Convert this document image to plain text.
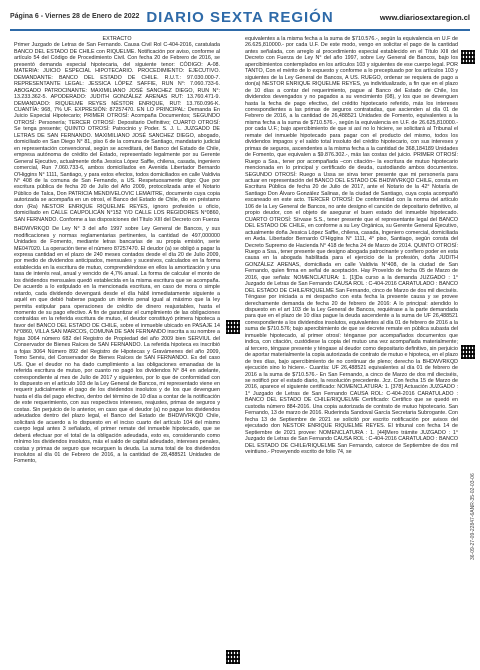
Página 6 - Viernes 28 de Enero de 2022 DIARIO SEXTA REGIÓN	www.diariosextaregion.cl

EXTRACTO

Primer Juzgado de Letras de San Fernando. Causa Civil Rol C-404-2016, caratulada BANCO DEL ESTADO DE CHILE con RIQUELME. Notificación por aviso, conforme al artículo 54 del Código de Procedimiento Civil. Con fecha 20 de Febrero de 2016, se presentó demanda especial hipotecaria, del siguiente tenor: CÓDIGO: A-08. MATERIA: JUICIO ESPECIAL HIPOTECARIO. PROCEDIMIENTO: EJECUTIVO. DEMANDANTE: BANCO DEL ESTADO DE CHILE. R.U.T.: 97.030.000-7. REPRESENTANTE LEGAL: JESSICA LÓPEZ SAFFIE, RUN N°: 7.060.733-6. ABOGADO PATROCINANTE: MAXIMILIANO JOSÉ SANCHEZ DIEGO, RUN N°: 13.233.362-5. APODERADO: JUDITH GONZÁLEZ ARENAS RUT: 13.760.471-9. DEMANDADO: RIQUELME REYES NÉSTOR ENRIQUE, RUT: 13.760.096-K. CUANTÍA: 968, 7% UF. EXPRESIÓN: 87257470. EN LO PRINCIPAL: Demanda En Juicio Especial Hipotecario; PRIMER OTROSÍ: Acompaña Documentos; SEGUNDO OTROSÍ: Personería; TERCER OTROSÍ: Depositario Definitivo; CUARTO OTROSÍ: Se tenga presente; QUINTO OTROSÍ: Patrocinio y Poder. S. J. L. JUZGADO DE LETRAS DE SAN FERNANDO. MAXIMILIANO JOSÉ SANCHEZ DIEGO, abogado, domiciliado en San Diego N° 81, piso 6 de la comuna de Santiago, mandatario judicial en representación convencional, según se acreditará, del Banco del Estado de Chile, empresa autónoma de crédito del Estado, representado legalmente por su Gerente General Ejecutivo, actualmente doña Jessica López Saffie, chilena, casada, ingeniero comercial, Run 7.060.733-6, ambos domiciliados en Avenida Libertador Bernardo O'Higgins N° 1111, Santiago, y para estos efectos, todos domiciliados en calle Valdivia N° 408 de la comuna de San Fernando, a US. Respetuosamente digo: Que por escritura pública de fecha 20 de Julio del Año 2009, protocolizada ante el Notario Público de Talca, Don PATRICIA MENDIVELOVIC LEMAITRE, documento cuya copia autorizada se acompaña en un otrosí, el Banco del Estado de Chile, dio en préstamo don (Ra) NESTOR ENRIQUE RIQUELME REYES, ignoro profesión u oficio, domiciliado en CALLE CAUPOLICÁN N°152 Y/O CALLE LOS REGIDORES N°0860, SAN FERNANDO. Conforme a las disposiciones del Título XIII del Decreto con Fuerza

BHDWVRKQD De Ley N° 3 del año 1997 sobre Ley General de Bancos, y sus modificaciones y normas reglamentarias pertinentes, la cantidad de 497,000000 Unidades de Fomento, mediante letras bancarias de su propia emisión, serie ME047020. La operación tiene el número 87257470. El deudor (a) se obligó a pagar la expresa cantidad en el plazo de 240 meses contados desde el día 20 de Julio 2009, por medio de dividendos anticipados, mensuales y sucesivos, calculados en la forma establecida en la escritura de mutuo, comprendiéndose en ellos la amortización y una tasa de interés real, anual y vencido de 4,7% anual. La forma de calcular el monto de los dividendos mensuales quedó establecida en la misma escritura que se acompaña. De acuerdo a lo estipulado en la mencionada escritura, en caso de mora o simple retardo, cada dividendo devengará desde el día hábil inmediatamente siguiente a aquél en que debió haberse pagado un interés penal igual al máximo que la ley permita estipular para operaciones de crédito de dinero reajustables, hasta el momento de su pago efectivo. A fin de garantizar el cumplimiento de las obligaciones contraídas en la referida escritura de mutuo, el deudor constituyó primera hipoteca a favor del BANCO DEL ESTADO DE CHILE, sobre el inmueble ubicado en PASAJE 14 N°0860, VILLA SAN MARCOS, COMUNA DE SAN FERNANDO inscrita a su nombre a fojas 3064 número 682 del Registro de Propiedad del año 2009 bien SERVIUL del Conservador de Bienes Raíces de SAN FERNANDO. La referida hipoteca es inscribió a fojas 3064 Número 892 del Registro de Hipotecas y Gravámenes del año 2009, Tomo Serviu, del Conservador de Bienes Raíces de SAN FERNANDO. Es del caso US. Que el deudor no ha dado cumplimiento a las obligaciones emanadas de la referida escritura de mutuo, por cuanto no pagó los dividendos N° 84 en adelante, correspondiente al mes de Julio de 2017 y siguientes, por lo que de conformidad con lo dispuesto en el artículo 103 de la Ley General de Bancos, mi representado viene en requerir judicialmente el pago de los dividendos insolutos y de los que devenguen hasta el día del pago efectivo, dentro del término de 10 días a contar de la notificación de este requerimiento, con sus respectivos intereses, reajustes, primas de seguros y costas. Sin perjuicio de lo anterior, en caso que el deudor (a) no pague los dividendos adeudados dentro del plazo legal, el Banco del Estado de BHDWVRKQD Chile, solicitará de acuerdo a lo dispuesto en el inciso cuarto del artículo 104 del mismo cuerpo legal antes 3 señalado, el primer remate del inmueble hipotecado, que se deberá efectuar por el total de la obligación adeudada, esto es, considerando como mínimo los dividendos insolutos, más el saldo de capital adeudado, intereses penales, costas y primas de seguro que recarguen la deuda. La suma total de los dividendos insolutos al día 01 de Febrero de 2016, a la cantidad de 28,488521 Unidades de Fomento,

equivalentes a la misma fecha a la suma de $710.576.-, según la equivalencia en U.F de 26.625,810000.- por cada U.F. De este modo, vengo en solicitar el pago de la cantidad antes señalada, con arreglo al procedimiento especial establecido en el Título XIII del Decreto con Fuerza de Ley N° del año 1997, sobre Ley General de Bancos, bajo los apercibimientos contemplados en los artículos 103 y siguientes de ese cuerpo legal. POR TANTO, Con el mérito de lo expuesto y conforme a lo preceptuado por los artículos 103 y siguientes de la Ley General de Bancos, A US. RUEGO, ordenar se requiera de pago a don(a) NESTOR ENRIQUE RIQUELME REYES, ya individualizado, a fin que en el plazo de 10 días a contar del requerimiento, pague al Banco del Estado de Chile, los dividendos devengados y no pagados a su vencimiento (08), y los que se devenguen hasta la fecha de pago efectivo, del crédito hipotecario referido, más los intereses correspondientes a las primas de seguros contratadas, que ascienden al día 01 de Febrero de 2016, a la cantidad de 26,488521 Unidades de Fomento, equivalentes a la misma fecha a la suma de $710.576.-, según la equivalencia en U.F. de 26.625,810000.- por cada U.F.; bajo apercibimiento de que si así no lo hiciere, se solicitará al Tribunal el remate del inmueble hipotecado para pagar con el producto del mismo, todos los dividendos impagos y el saldo total insoluto del crédito hipotecario, con sus intereses y primas de seguros, ascendentes a la misma fecha a la cantidad de 368,184189 Unidades de Fomento, que equivalen a $9.876.302.-, más las costas del juicio. PRIMER OTROSÍ: Ruego a Ssa., tener por acompañada –con citación– la escritura de mutuo hipotecario mencionada en lo principal y certificado de deuda, custodiando ambos documentos. SEGUNDO OTROSÍ: Ruego a Ussa se sirva tener presente que mi personería para actuar en representación del BANCO DEL ESTADO DE BHDWVRKQD CHILE, consta en Escritura Pública de fecha 20 de Julio de 2017, ante el Notario de la 42° Notaría de Santiago Don Álvaro González Salinas, de la ciudad de Santiago, cuya copia acompañó escaneado en este acto. TERCER OTROSÍ: De conformidad con la norma del artículo 106 de la Ley General de Bancos, no ante designo el canción de depositario definitivo, al propio deudor, con el objeto de asegurar el buen estado del inmueble hipotecado. CUARTO OTROSÍ: Sírvase S.S., tener presente que el representante legal del BANCO DEL ESTADO DE CHILE, en conforme a su Ley Orgánica, su Gerente General Ejecutivo, actualmente doña Jessica López Saffie, chilena, casada, Ingeniero comercial, domiciliada en Avda. Libertador Bernardo O'Higgins N° 1111, 4° piso, Santiago, según consta del Decreto Supremo de Hacienda N° 418 de fecha 24 de Marzo de 2014. QUINTO OTROSÍ: Ruego a Ssa., tener presente que designo abogada patrocinante y confiero poder en esta causa en la abogada habilitada para el ejercicio de la profesión, doña JUDITH GONZÁLEZ ARENAS, domiciliada en calle Valdivia N°408, de la ciudad de San Fernando, quien firma en señal de aceptación. Hay Proveído de fecha 05 de Marzo de 2016, que señala: NOMENCLATURA: 1. [1]Da curso a la demanda JUZGADO : 1° Juzgado de Letras de San Fernando CAUSA ROL : C-404-2016 CARATULADO : BANCO DEL ESTADO DE CHILE/RIQUELME San Fernando, cinco de Marzo de dos mil dieciséis. Téngase por iniciada a mi despacho con esta fecha la presente causa y se provee derechamente demanda de fecha 20 de febrero de 2016: A lo principal: atendido lo dispuesto en el art 103 de la Ley General de Bancos, requiérase a la parte demandada para que en el plazo de 10 días pague la deuda ascendente a la suma de UF 26,488521 correspondiente a los dividendos insolutos, equivalentes al día 01 de febrero de 2016 a la suma de $710.576; bajo apercibimiento de que se decrete remate en pública subasta del inmueble hipotecado, al primer otrosí: ténganse por acompañados documentos que indica, con citación, custódiese la copia del mutuo una vez acompañada materialmente; al tercero, téngase presente y téngase al deudor como depositario definitivo, sin perjuicio de aportar materialmente la copia autorizada de contrato de mutuo e hipoteca, en el plazo de tres días, bajo apercibimiento de no continuar de pleno; derecho la BHDWVRKQD ejecución sino lo hiciere.- Cuantía: UF 26,488521 equivalentes al día 01 de febrero de 2016 a la suma de $710.576.- En San Fernando, a cinco de Marzo de dos mil dieciséis, se notificó por el estado diario, la resolución precedente. Jcz. Con fecha 15 de Marzo de 2016, aparece el siguiente certificado: NOMENCLATURA: 1. [378] Actuación JUZGADO : 1° Juzgado de Letras de San Fernando CAUSA ROL: C-404-2016 CARATULADO : BANCO DEL ESTADO DE CHILE/RIQUELME Certificado: Certifico que se quedó en custodia número 884-2016. Una copia autorizada de contrato de mutuo hipotecario. San Fernando, 13 de marzo de 2016. Ruderinda Sandoval García Secretaria Subrogante. Con fecha 13 de Septiembre de 2021 se solicitó por escrito notificación por avisos del ejecutado don NESTOR ENRIQUE RIQUELME REYES. El tribunal con fecha 14 de Septiembre de 2021 provee: NOMENCLATURA : 1. [44]Mero trámite JUZGADO : 1° Juzgado de Letras de San Fernando CAUSA ROL : C-404-2016 CARATULADO : BANCO DEL ESTADO DE CHILE/RIQUELME San Fernando, catorce de Septiembre de dos mil veintiuno.- Proveyendo escrito de folio 74, se

36-09-27-09-22847-6ANR-35-02-03-06
